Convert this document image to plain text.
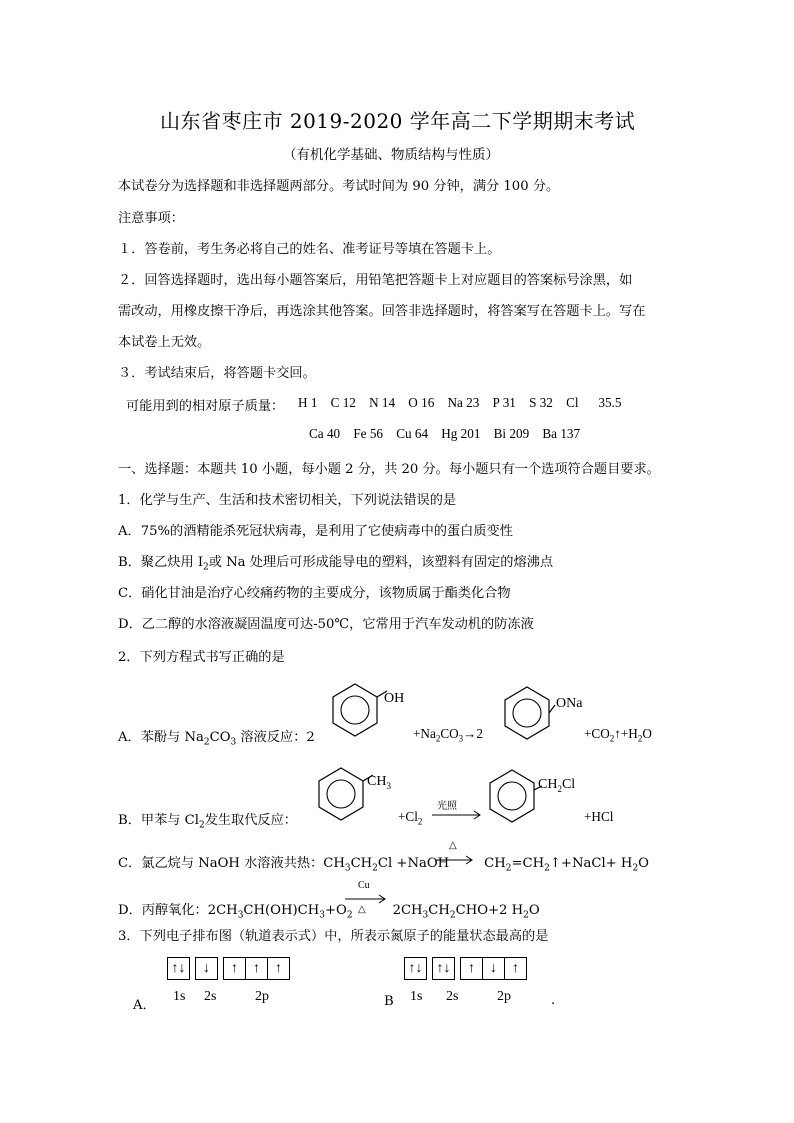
山东省枣庄市 2019-2020 学年高二下学期期末考试
（有机化学基础、物质结构与性质）
本试卷分为选择题和非选择题两部分。考试时间为 90 分钟，满分 100 分。
注意事项：
１．答卷前，考生务必将自己的姓名、准考证号等填在答题卡上。
２．回答选择题时，选出每小题答案后，用铅笔把答题卡上对应题目的答案标号涂黑，如
需改动，用橡皮擦干净后，再选涂其他答案。回答非选择题时，将答案写在答题卡上。写在
本试卷上无效。
３．考试结束后，将答题卡交回。
可能用到的相对原子质量： H 1 C 12 N 14 O 16 Na 23 P 31 S 32 Cl 35.5
Ca 40 Fe 56 Cu 64 Hg 201 Bi 209 Ba 137
一、选择题：本题共 10 小题，每小题 2 分，共 20 分。每小题只有一个选项符合题目要求。
1．化学与生产、生活和技术密切相关，下列说法错误的是
A．75%的酒精能杀死冠状病毒，是利用了它使病毒中的蛋白质变性
B．聚乙炔用 $I_2$或 Na 处理后可形成能导电的塑料，该塑料有固定的熔沸点
C．硝化甘油是治疗心绞痛药物的主要成分，该物质属于酯类化合物
D．乙二醇的水溶液凝固温度可达-50℃，它常用于汽车发动机的防冻液
2．下列方程式书写正确的是
A．苯酚与 $Na_2CO_3$ 溶液反应：2
OH
$+Na_2CO_3\to 2$
ONa
$+CO_2↑+H_2O$
B．甲苯与 $Cl_2$发生取代反应：
$CH_3$
$+Cl_2$
光照
$CH_2Cl$
+HCl
C．氯乙烷与 NaOH 水溶液共热：$CH_3CH_2Cl$ +NaOH	$CH_2=CH_2↑+NaCl+ H_2O$
△
D．丙醇氧化：$2CH_3CH(OH)CH_3+O_2$	$2CH_3CH_2CHO+2$ $H_2O$
Cu
△
3．下列电子排布图（轨道表示式）中，所表示氮原子的能量状态最高的是
A．
↑↓	↓	↑	↑	↑
1s 2s	2p	B
↑↓	↑↓	↑	↓	↑
1s 2s	2p	.
